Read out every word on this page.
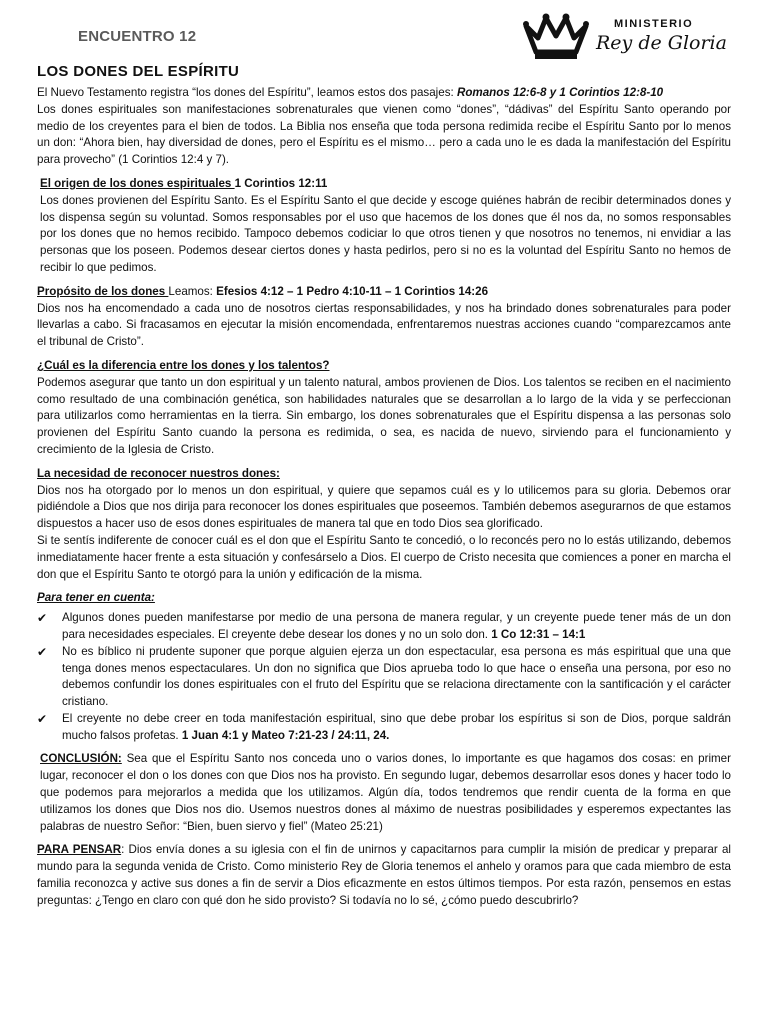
ENCUENTRO 12
MINISTERIO
Rey de Gloria
LOS DONES DEL ESPÍRITU

El Nuevo Testamento registra “los dones del Espíritu”, leamos estos dos pasajes: Romanos 12:6-8 y 1 Corintios 12:8-10

Los dones espirituales son manifestaciones sobrenaturales que vienen como “dones”, “dádivas” del Espíritu Santo operando por medio de los creyentes para el bien de todos. La Biblia nos enseña que toda persona redimida recibe el Espíritu Santo por lo menos un don: “Ahora bien, hay diversidad de dones, pero el Espíritu es el mismo… pero a cada uno le es dada la manifestación del Espíritu para provecho” (1 Corintios 12:4 y 7).

El origen de los dones espirituales 1 Corintios 12:11

Los dones provienen del Espíritu Santo. Es el Espíritu Santo el que decide y escoge quiénes habrán de recibir determinados dones y los dispensa según su voluntad. Somos responsables por el uso que hacemos de los dones que él nos da, no somos responsables por los dones que no hemos recibido. Tampoco debemos codiciar lo que otros tienen y que nosotros no tenemos, ni envidiar a las personas que los poseen. Podemos desear ciertos dones y hasta pedirlos, pero si no es la voluntad del Espíritu Santo no hemos de recibir lo que pedimos.

Propósito de los dones Leamos: Efesios 4:12 – 1 Pedro 4:10-11 – 1 Corintios 14:26

Dios nos ha encomendado a cada uno de nosotros ciertas responsabilidades, y nos ha brindado dones sobrenaturales para poder llevarlas a cabo. Si fracasamos en ejecutar la misión encomendada, enfrentaremos nuestras acciones cuando “comparezcamos ante el tribunal de Cristo”.

¿Cuál es la diferencia entre los dones y los talentos?

Podemos asegurar que tanto un don espiritual y un talento natural, ambos provienen de Dios. Los talentos se reciben en el nacimiento como resultado de una combinación genética, son habilidades naturales que se desarrollan a lo largo de la vida y se perfeccionan para utilizarlos como herramientas en la tierra. Sin embargo, los dones sobrenaturales que el Espíritu dispensa a las personas solo provienen del Espíritu Santo cuando la persona es redimida, o sea, es nacida de nuevo, sirviendo para el funcionamiento y crecimiento de la Iglesia de Cristo.

La necesidad de reconocer nuestros dones:

Dios nos ha otorgado por lo menos un don espiritual, y quiere que sepamos cuál es y lo utilicemos para su gloria. Debemos orar pidiéndole a Dios que nos dirija para reconocer los dones espirituales que poseemos. También debemos asegurarnos de que estamos dispuestos a hacer uso de esos dones espirituales de manera tal que en todo Dios sea glorificado.

Si te sentís indiferente de conocer cuál es el don que el Espíritu Santo te concedió, o lo reconcés pero no lo estás utilizando, debemos inmediatamente hacer frente a esta situación y confesárselo a Dios. El cuerpo de Cristo necesita que comiences a poner en marcha el don que el Espíritu Santo te otorgó para la unión y edificación de la misma.

Para tener en cuenta:

✔ Algunos dones pueden manifestarse por medio de una persona de manera regular, y un creyente puede tener más de un don para necesidades especiales. El creyente debe desear los dones y no un solo don. 1 Co 12:31 – 14:1
✔ No es bíblico ni prudente suponer que porque alguien ejerza un don espectacular, esa persona es más espiritual que una que tenga dones menos espectaculares. Un don no significa que Dios aprueba todo lo que hace o enseña una persona, por eso no debemos confundir los dones espirituales con el fruto del Espíritu que se relaciona directamente con la santificación y el carácter cristiano.
✔ El creyente no debe creer en toda manifestación espiritual, sino que debe probar los espíritus si son de Dios, porque saldrán mucho falsos profetas. 1 Juan 4:1 y Mateo 7:21-23 / 24:11, 24.

CONCLUSIÓN: Sea que el Espíritu Santo nos conceda uno o varios dones, lo importante es que hagamos dos cosas: en primer lugar, reconocer el don o los dones con que Dios nos ha provisto. En segundo lugar, debemos desarrollar esos dones y hacer todo lo que podemos para mejorarlos a medida que los utilizamos. Algún día, todos tendremos que rendir cuenta de la forma en que utilizamos los dones que Dios nos dio. Usemos nuestros dones al máximo de nuestras posibilidades y esperemos expectantes las palabras de nuestro Señor: “Bien, buen siervo y fiel” (Mateo 25:21)

PARA PENSAR: Dios envía dones a su iglesia con el fin de unirnos y capacitarnos para cumplir la misión de predicar y preparar al mundo para la segunda venida de Cristo. Como ministerio Rey de Gloria tenemos el anhelo y oramos para que cada miembro de esta familia reconozca y active sus dones a fin de servir a Dios eficazmente en estos últimos tiempos. Por esta razón, pensemos en estas preguntas: ¿Tengo en claro con qué don he sido provisto? Si todavía no lo sé, ¿cómo puedo descubrirlo?
